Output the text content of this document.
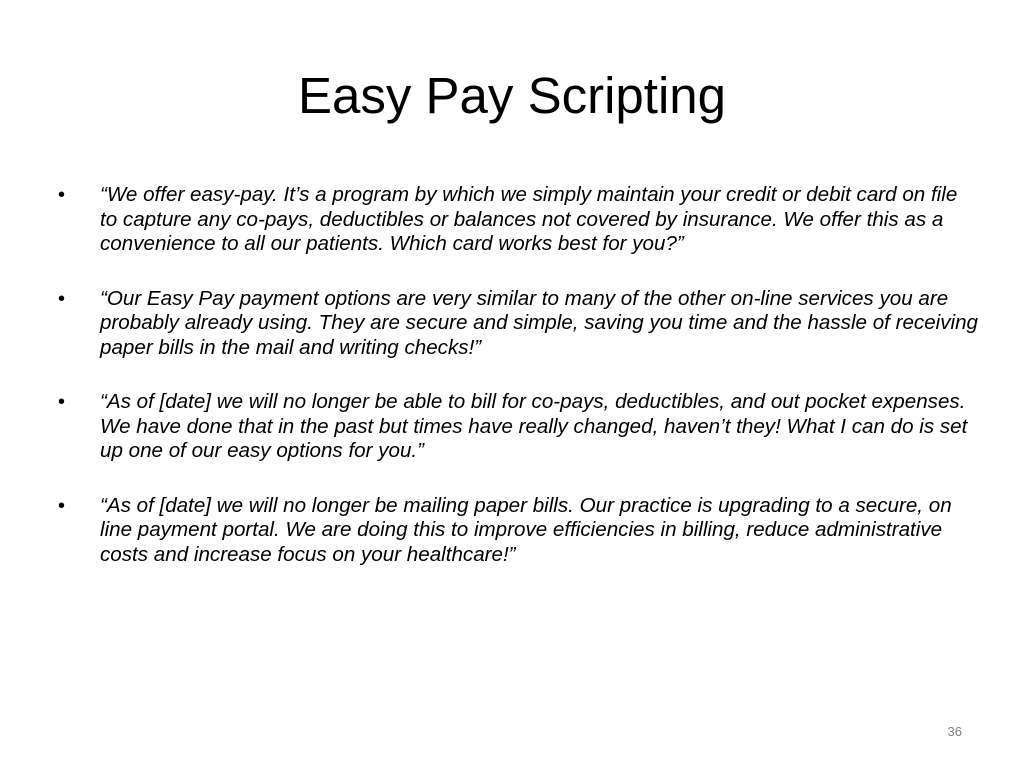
Easy Pay Scripting
• “We offer easy-pay. It’s a program by which we simply maintain your credit or debit card on file to capture any co-pays, deductibles or balances not covered by insurance. We offer this as a convenience to all our patients. Which card works best for you?”
• “Our Easy Pay payment options are very similar to many of the other on-line services you are probably already using. They are secure and simple, saving you time and the hassle of receiving paper bills in the mail and writing checks!”
• “As of [date] we will no longer be able to bill for co-pays, deductibles, and out pocket expenses. We have done that in the past but times have really changed, haven’t they! What I can do is set up one of our easy options for you.”
• “As of [date] we will no longer be mailing paper bills. Our practice is upgrading to a secure, on line payment portal. We are doing this to improve efficiencies in billing, reduce administrative costs and increase focus on your healthcare!”
36
